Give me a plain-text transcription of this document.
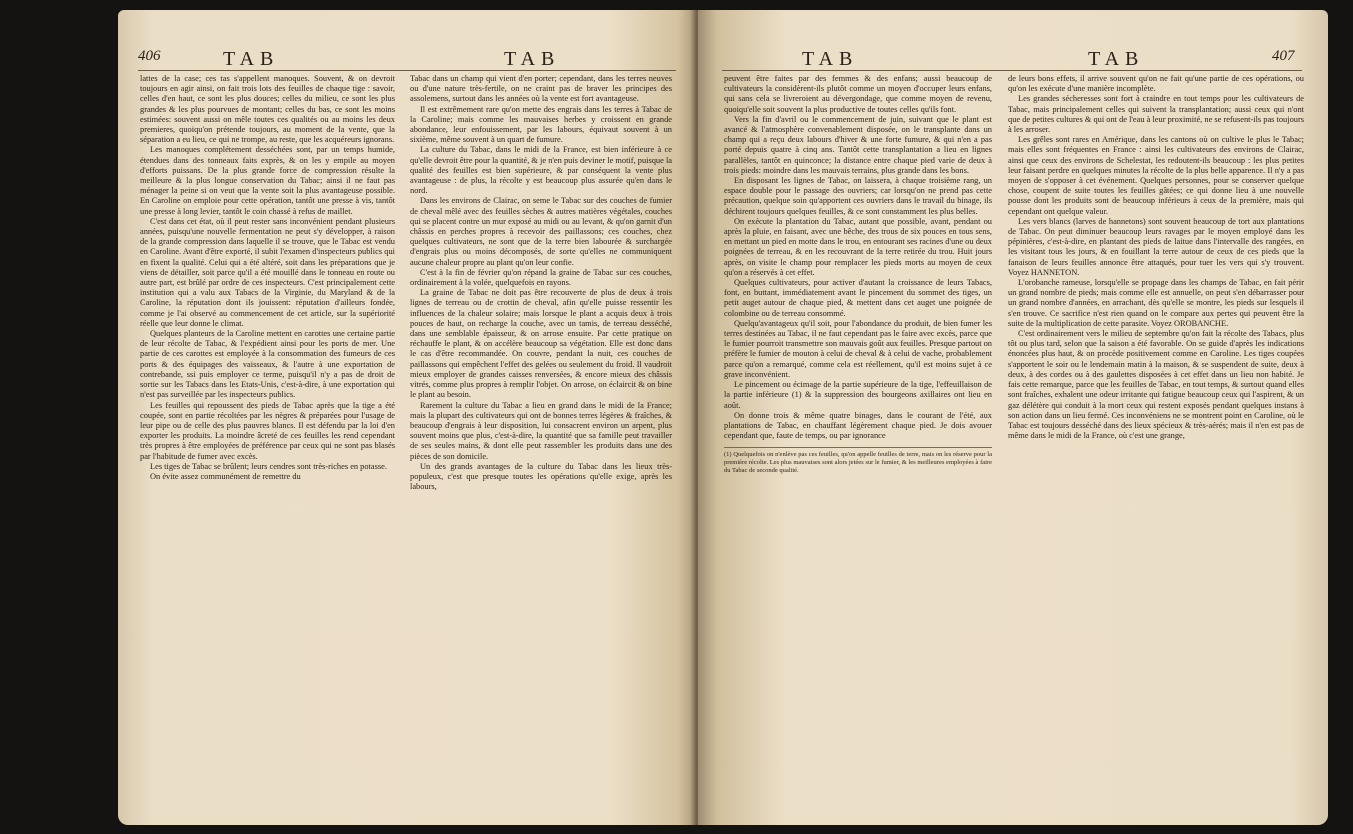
406	TAB	TAB

lattes de la case; ces tas s'appellent manoques. Souvent, & on devroit toujours en agir ainsi, on fait trois lots des feuilles de chaque tige : savoir, celles d'en haut, ce sont les plus douces; celles du milieu, ce sont les plus grandes & les plus pourvues de montant; celles du bas, ce sont les moins estimées: souvent aussi on mêle toutes ces qualités ou au moins les deux premieres, quoiqu'on prétende toujours, au moment de la vente, que la séparation a eu lieu, ce qui ne trompe, au reste, que les acquéreurs ignorans.

Les manoques complétement desséchées sont, par un temps humide, étendues dans des tonneaux faits exprès, & on les y empile au moyen d'efforts puissans. De la plus grande force de compression résulte la meilleure & la plus longue conservation du Tabac; ainsi il ne faut pas ménager la peine si on veut que la vente soit la plus avantageuse possible. En Caroline on emploie pour cette opération, tantôt une presse à vis, tantôt une presse à long levier, tantôt le coin chassé à refus de maillet.

C'est dans cet état, où il peut rester sans inconvénient pendant plusieurs années, puisqu'une nouvelle fermentation ne peut s'y développer, à raison de la grande compression dans laquelle il se trouve, que le Tabac est vendu en Caroline. Avant d'être exporté, il subit l'examen d'inspecteurs publics qui en fixent la qualité. Celui qui a été altéré, soit dans les préparations que je viens de détailler, soit parce qu'il a été mouillé dans le tonneau en route ou autre part, est brûlé par ordre de ces inspecteurs. C'est principalement cette institution qui a valu aux Tabacs de la Virginie, du Maryland & de la Caroline, la réputation dont ils jouissent: réputation d'ailleurs fondée, comme je l'ai observé au commencement de cet article, sur la supériorité réelle que leur donne le climat.

Quelques planteurs de la Caroline mettent en carottes une certaine partie de leur récolte de Tabac, & l'expédient ainsi pour les ports de mer. Une partie de ces carottes est employée à la consommation des fumeurs de ces ports & des équipages des vaisseaux, & l'autre à une exportation de contrebande, ssi puis employer ce terme, puisqu'il n'y a pas de droit de sortie sur les Tabacs dans les Etats-Unis, c'est-à-dire, à une exportation qui n'est pas surveillée par les inspecteurs publics.

Les feuilles qui repoussent des pieds de Tabac après que la tige a été coupée, sont en partie récoltées par les nègres & préparées pour l'usage de leur pipe ou de celle des plus pauvres blancs. Il est défendu par la loi d'en exporter les produits. La moindre âcreté de ces feuilles les rend cependant très propres à être employées de préférence par ceux qui ne sont pas blasés par l'habitude de fumer avec excès.

Les tiges de Tabac se brûlent; leurs cendres sont très-riches en potasse.

On évite assez communément de remettre du

Tabac dans un champ qui vient d'en porter; cependant, dans les terres neuves ou d'une nature très-fertile, on ne craint pas de braver les principes des assolemens, surtout dans les années où la vente est fort avantageuse.

Il est extrêmement rare qu'on mette des engrais dans les terres à Tabac de la Caroline; mais comme les mauvaises herbes y croissent en grande abondance, leur enfouissement, par les labours, équivaut souvent à un sixième, même souvent à un quart de fumure.

La culture du Tabac, dans le midi de la France, est bien inférieure à ce qu'elle devroit être pour la quantité, & je n'en puis deviner le motif, puisque la qualité des feuilles est bien supérieure, & par conséquent la vente plus avantageuse : de plus, la récolte y est beaucoup plus assurée qu'en dans le nord.

Dans les environs de Clairac, on seme le Tabac sur des couches de fumier de cheval mêlé avec des feuilles sèches & autres matières végétales, couches qui se placent contre un mur exposé au midi ou au levant, & qu'on garnit d'un châssis en perches propres à recevoir des paillassons; ces couches, chez quelques cultivateurs, ne sont que de la terre bien labourée & surchargée d'engrais plus ou moins décomposés, de sorte qu'elles ne communiquent aucune chaleur propre au plant qu'on leur confie.

C'est à la fin de février qu'on répand la graine de Tabac sur ces couches, ordinairement à la volée, quelquefois en rayons.

La graine de Tabac ne doit pas être recouverte de plus de deux à trois lignes de terreau ou de crottin de cheval, afin qu'elle puisse ressentir les influences de la chaleur solaire; mais lorsque le plant a acquis deux à trois pouces de haut, on recharge la couche, avec un tamis, de terreau desséché, dans une semblable épaisseur, & on arrose ensuite. Par cette pratique on réchauffe le plant, & on accélère beaucoup sa végétation. Elle est donc dans le cas d'être recommandée. On couvre, pendant la nuit, ces couches de paillassons qui empêchent l'effet des gelées ou seulement du froid. Il vaudroit mieux employer de grandes caisses renversées, & encore mieux des châssis vitrés, comme plus propres à remplir l'objet. On arrose, on éclaircit & on bine le plant au besoin.

Rarement la culture du Tabac a lieu en grand dans le midi de la France; mais la plupart des cultivateurs qui ont de bonnes terres légères & fraîches, & beaucoup d'engrais à leur disposition, lui consacrent environ un arpent, plus souvent moins que plus, c'est-à-dire, la quantité que sa famille peut travailler de ses seules mains, & dont elle peut rassembler les produits dans une des pièces de son domicile.

Un des grands avantages de la culture du Tabac dans les lieux très-populeux, c'est que presque toutes les opérations qu'elle exige, après les labours,

TAB	TAB	407

peuvent être faites par des femmes & des enfans; aussi beaucoup de cultivateurs la considèrent-ils plutôt comme un moyen d'occuper leurs enfans, qui sans cela se livreroient au dévergondage, que comme moyen de revenu, quoiqu'elle soit souvent la plus productive de toutes celles qu'ils font.

Vers la fin d'avril ou le commencement de juin, suivant que le plant est avancé & l'atmosphère convenablement disposée, on le transplante dans un champ qui a reçu deux labours d'hiver & une forte fumure, & qui n'en a pas porté depuis quatre à cinq ans. Tantôt cette transplantation a lieu en lignes parallèles, tantôt en quinconce; la distance entre chaque pied varie de deux à trois pieds: moindre dans les mauvais terrains, plus grande dans les bons.

En disposant les lignes de Tabac, on laissera, à chaque troisième rang, un espace double pour le passage des ouvriers; car lorsqu'on ne prend pas cette précaution, quelque soin qu'apportent ces ouvriers dans le travail du binage, ils déchirent toujours quelques feuilles, & ce sont constamment les plus belles.

On exécute la plantation du Tabac, autant que possible, avant, pendant ou après la pluie, en faisant, avec une bêche, des trous de six pouces en tous sens, en mettant un pied en motte dans le trou, en entourant ses racines d'une ou deux poignées de terreau, & en les recouvrant de la terre retirée du trou. Huit jours après, on visite le champ pour remplacer les pieds morts au moyen de ceux qu'on a réservés à cet effet.

Quelques cultivateurs, pour activer d'autant la croissance de leurs Tabacs, font, en buttant, immédiatement avant le pincement du sommet des tiges, un petit auget autour de chaque pied, & mettent dans cet auget une poignée de colombine ou de terreau consommé.

Quelqu'avantageux qu'il soit, pour l'abondance du produit, de bien fumer les terres destinées au Tabac, il ne faut cependant pas le faire avec excès, parce que le fumier pourroit transmettre son mauvais goût aux feuilles. Presque partout on préfère le fumier de mouton à celui de cheval & à celui de vache, probablement parce qu'on a remarqué, comme cela est réellement, qu'il est moins sujet à ce grave inconvénient.

Le pincement ou écimage de la partie supérieure de la tige, l'effeuillaison de la partie inférieure (1) & la suppression des bourgeons axillaires ont lieu en août.

On donne trois & même quatre binages, dans le courant de l'été, aux plantations de Tabac, en chauffant légèrement chaque pied. Je dois avouer cependant que, faute de temps, ou par ignorance

(1) Quelquefois on n'enlève pas ces feuilles, qu'on appelle feuilles de terre, mais on les réserve pour la première récolte. Les plus mauvaises sont alors jetées sur le fumier, & les meilleures employées à faire du Tabac de seconde qualité.

de leurs bons effets, il arrive souvent qu'on ne fait qu'une partie de ces opérations, ou qu'on les exécute d'une manière incomplète.

Les grandes sécheresses sont fort à craindre en tout temps pour les cultivateurs de Tabac, mais principalement celles qui suivent la transplantation; aussi ceux qui n'ont que de petites cultures & qui ont de l'eau à leur proximité, ne se refusent-ils pas toujours à les arroser.

Les grêles sont rares en Amérique, dans les cantons où on cultive le plus le Tabac; mais elles sont fréquentes en France : ainsi les cultivateurs des environs de Clairac, ainsi que ceux des environs de Schelestat, les redoutent-ils beaucoup : les plus petites leur faisant perdre en quelques minutes la récolte de la plus belle apparence. Il n'y a pas moyen de s'opposer à cet événement. Quelques personnes, pour se conserver quelque chose, coupent de suite toutes les feuilles gâtées; ce qui donne lieu à une nouvelle pousse dont les produits sont de beaucoup inférieurs à ceux de la première, mais qui cependant ont quelque valeur.

Les vers blancs (larves de hannetons) sont souvent beaucoup de tort aux plantations de Tabac. On peut diminuer beaucoup leurs ravages par le moyen employé dans les pépinières, c'est-à-dire, en plantant des pieds de laitue dans l'intervalle des rangées, en les visitant tous les jours, & en fouillant la terre autour de ceux de ces pieds que la fanaison de leurs feuilles annonce être attaqués, pour tuer les vers qui s'y trouvent. Voyez HANNETON.

L'orobanche rameuse, lorsqu'elle se propage dans les champs de Tabac, en fait périr un grand nombre de pieds; mais comme elle est annuelle, on peut s'en débarrasser pour un grand nombre d'années, en arrachant, dès qu'elle se montre, les pieds sur lesquels il s'en trouve. Ce sacrifice n'est rien quand on le compare aux pertes qui peuvent être la suite de la multiplication de cette parasite. Voyez OROBANCHE.

C'est ordinairement vers le milieu de septembre qu'on fait la récolte des Tabacs, plus tôt ou plus tard, selon que la saison a été favorable. On se guide d'après les indications énoncées plus haut, & on procède positivement comme en Caroline. Les tiges coupées s'apportent le soir ou le lendemain matin à la maison, & se suspendent de suite, deux à deux, à des cordes ou à des gaulettes disposées à cet effet dans un lieu non habité. Je fais cette remarque, parce que les feuilles de Tabac, en tout temps, & surtout quand elles sont fraîches, exhalent une odeur irritante qui fatigue beaucoup ceux qui l'aspirent, & un gaz délétère qui conduit à la mort ceux qui restent exposés pendant quelques instans à son action dans un lieu fermé. Ces inconvéniens ne se montrent point en Caroline, où le Tabac est toujours desséché dans des lieux spécieux & très-aérés; mais il n'en est pas de même dans le midi de la France, où c'est une grange,
